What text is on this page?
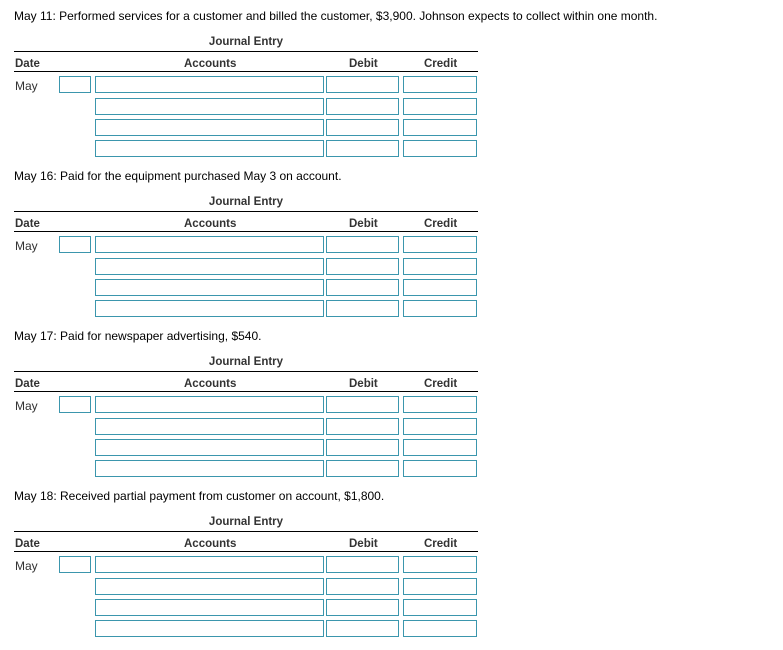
May 11: Performed services for a customer and billed the customer, $3,900. Johnson expects to collect within one month.
Journal Entry
Date	Accounts	Debit	Credit
May
May 16: Paid for the equipment purchased May 3 on account.
Journal Entry
Date	Accounts	Debit	Credit
May
May 17: Paid for newspaper advertising, $540.
Journal Entry
Date	Accounts	Debit	Credit
May
May 18: Received partial payment from customer on account, $1,800.
Journal Entry
Date	Accounts	Debit	Credit
May
